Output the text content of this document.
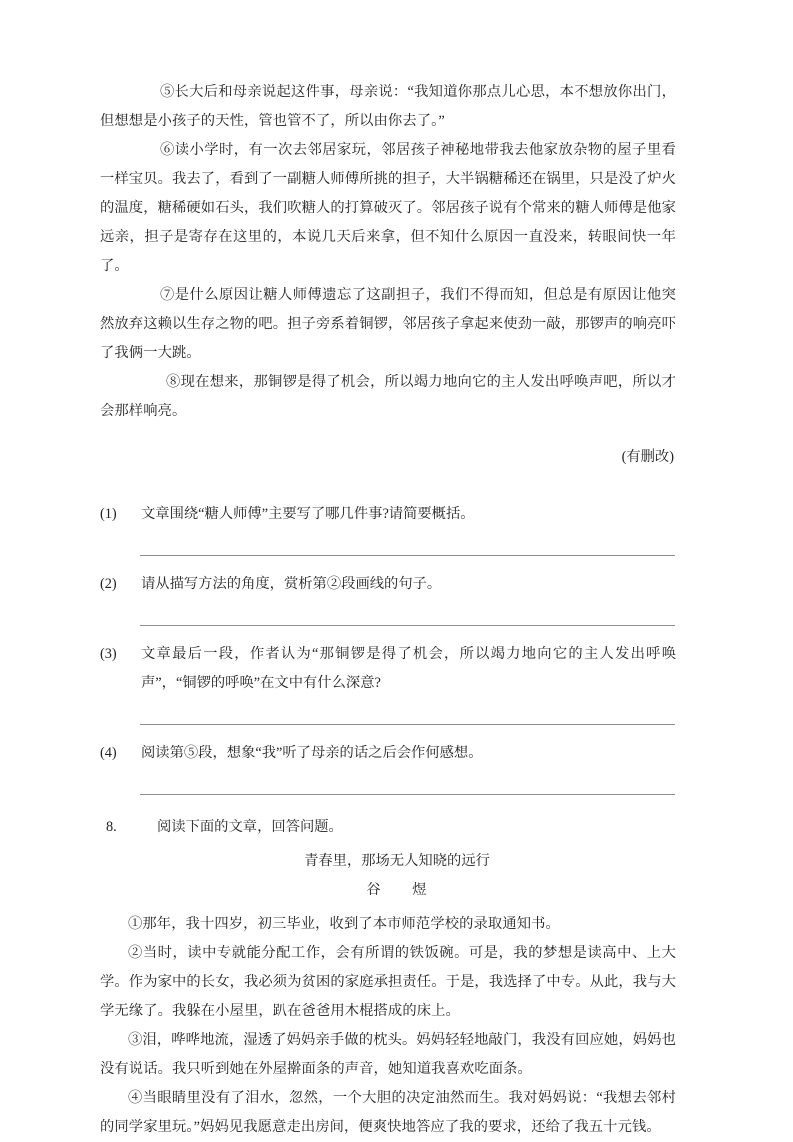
⑤长大后和母亲说起这件事，母亲说：“我知道你那点儿心思，本不想放你出门，但想想是小孩子的天性，管也管不了，所以由你去了。”

⑥读小学时，有一次去邻居家玩，邻居孩子神秘地带我去他家放杂物的屋子里看一样宝贝。我去了，看到了一副糖人师傅所挑的担子，大半锅糖稀还在锅里，只是没了炉火的温度，糖稀硬如石头，我们吹糖人的打算破灭了。邻居孩子说有个常来的糖人师傅是他家远亲，担子是寄存在这里的，本说几天后来拿，但不知什么原因一直没来，转眼间快一年了。

⑦是什么原因让糖人师傅遗忘了这副担子，我们不得而知，但总是有原因让他突然放弃这赖以生存之物的吧。担子旁系着铜锣，邻居孩子拿起来使劲一敲，那锣声的响亮吓了我俩一大跳。

⑧现在想来，那铜锣是得了机会，所以竭力地向它的主人发出呼唤声吧，所以才会那样响亮。

(有删改)

(1)	文章围绕“糖人师傅”主要写了哪几件事?请简要概括。
(2)	请从描写方法的角度，赏析第②段画线的句子。
(3)	文章最后一段，作者认为“那铜锣是得了机会，所以竭力地向它的主人发出呼唤声”，“铜锣的呼唤”在文中有什么深意?
(4)	阅读第⑤段，想象“我”听了母亲的话之后会作何感想。
8.	阅读下面的文章，回答问题。

青春里，那场无人知晓的远行

谷　　煜

①那年，我十四岁，初三毕业，收到了本市师范学校的录取通知书。

②当时，读中专就能分配工作，会有所谓的铁饭碗。可是，我的梦想是读高中、上大学。作为家中的长女，我必须为贫困的家庭承担责任。于是，我选择了中专。从此，我与大学无缘了。我躲在小屋里，趴在爸爸用木棍搭成的床上。

③泪，哗哗地流，湿透了妈妈亲手做的枕头。妈妈轻轻地敲门，我没有回应她，妈妈也没有说话。我只听到她在外屋擀面条的声音，她知道我喜欢吃面条。

④当眼睛里没有了泪水，忽然，一个大胆的决定油然而生。我对妈妈说：“我想去邻村的同学家里玩。”妈妈见我愿意走出房间，便爽快地答应了我的要求，还给了我五十元钱。
